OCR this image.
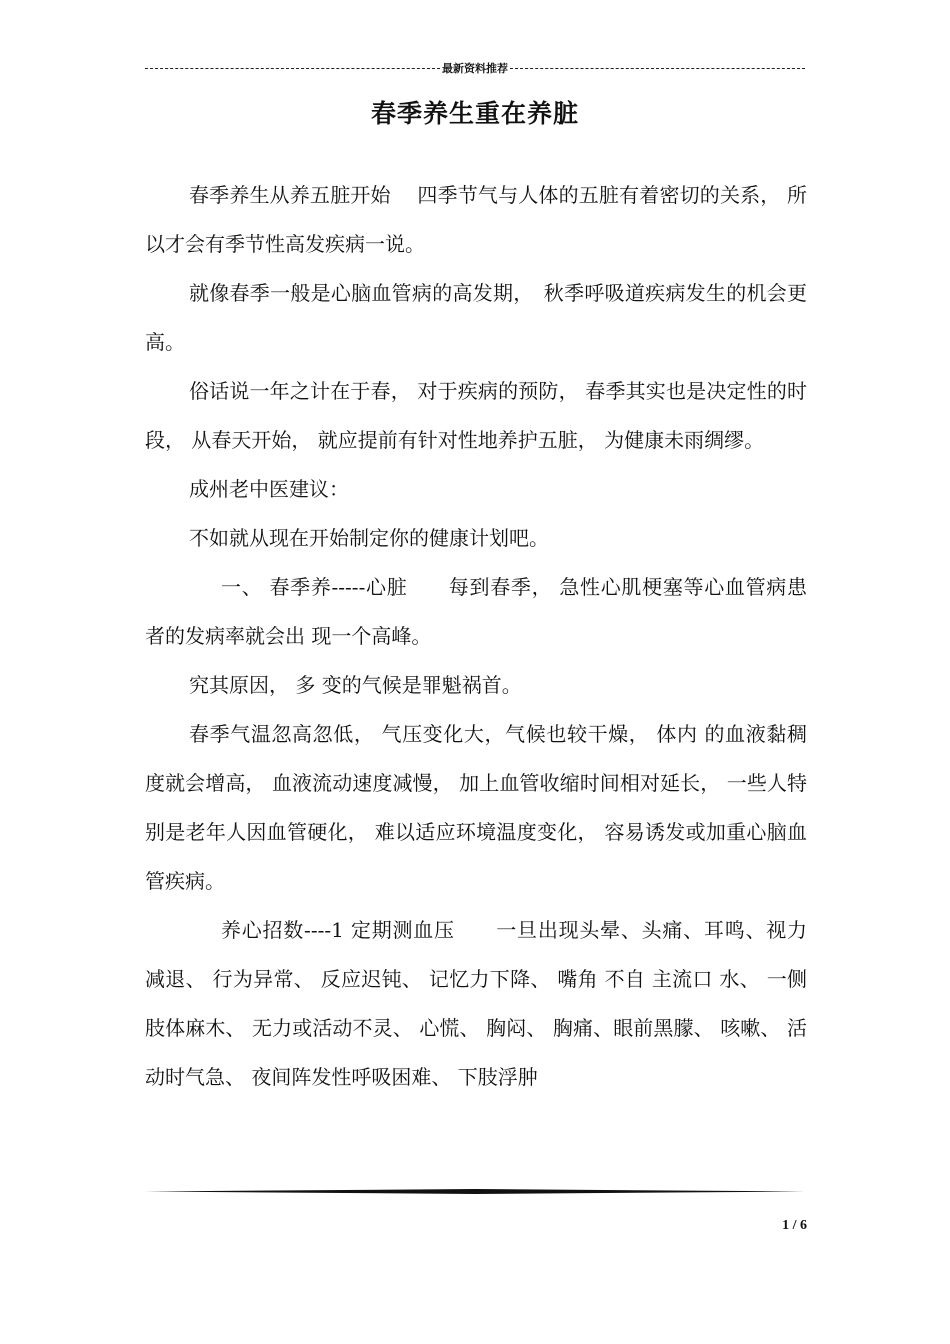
最新资料推荐
春季养生重在养脏

春季养生从养五脏开始　 四季节气与人体的五脏有着密切的关系， 所以才会有季节性高发疾病一说。

就像春季一般是心脑血管病的高发期，　秋季呼吸道疾病发生的机会更高。

俗话说一年之计在于春， 对于疾病的预防， 春季其实也是决定性的时段， 从春天开始， 就应提前有针对性地养护五脏， 为健康未雨绸缪。

成州老中医建议：

不如就从现在开始制定你的健康计划吧。

一、 春季养-----心脏　　每到春季， 急性心肌梗塞等心血管病患者的发病率就会出 现一个高峰。

究其原因， 多 变的气候是罪魁祸首。

春季气温忽高忽低， 气压变化大，气候也较干燥， 体内 的血液黏稠度就会增高， 血液流动速度减慢， 加上血管收缩时间相对延长， 一些人特别是老年人因血管硬化， 难以适应环境温度变化， 容易诱发或加重心脑血管疾病。

养心招数----1 定期测血压　　一旦出现头晕、头痛、耳鸣、视力减退、 行为异常、 反应迟钝、 记忆力下降、 嘴角 不自 主流口 水、 一侧肢体麻木、 无力或活动不灵、 心慌、 胸闷、 胸痛、眼前黑朦、 咳嗽、 活动时气急、 夜间阵发性呼吸困难、 下肢浮肿

1 / 6
